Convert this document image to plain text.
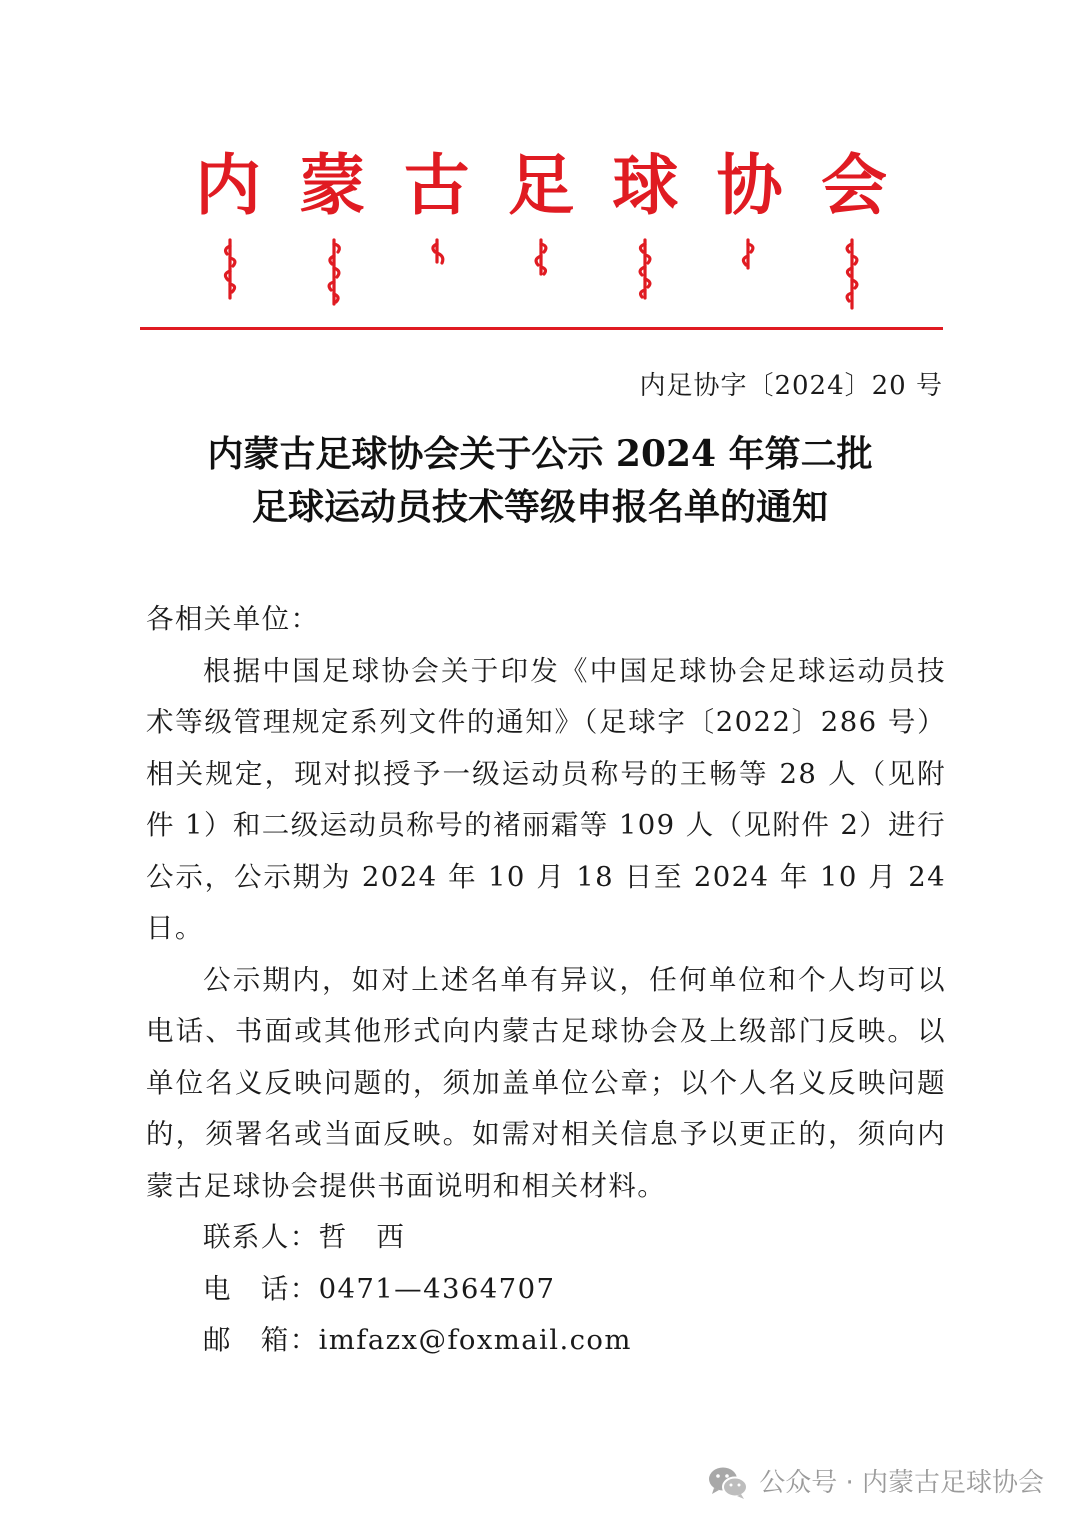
内 蒙 古 足 球 协 会
内足协字〔2024〕20 号
内蒙古足球协会关于公示 2024 年第二批
足球运动员技术等级申报名单的通知

各相关单位：

根据中国足球协会关于印发《中国足球协会足球运动员技术等级管理规定系列文件的通知》（足球字〔2022〕286 号）相关规定，现对拟授予一级运动员称号的王畅等 28 人（见附件 1）和二级运动员称号的褚丽霜等 109 人（见附件 2）进行公示，公示期为 2024 年 10 月 18 日至 2024 年 10 月 24 日。

公示期内，如对上述名单有异议，任何单位和个人均可以电话、书面或其他形式向内蒙古足球协会及上级部门反映。以单位名义反映问题的，须加盖单位公章；以个人名义反映问题的，须署名或当面反映。如需对相关信息予以更正的，须向内蒙古足球协会提供书面说明和相关材料。

联系人：哲　西

电　话：0471—4364707

邮　箱：imfazx@foxmail.com

公众号 · 内蒙古足球协会
